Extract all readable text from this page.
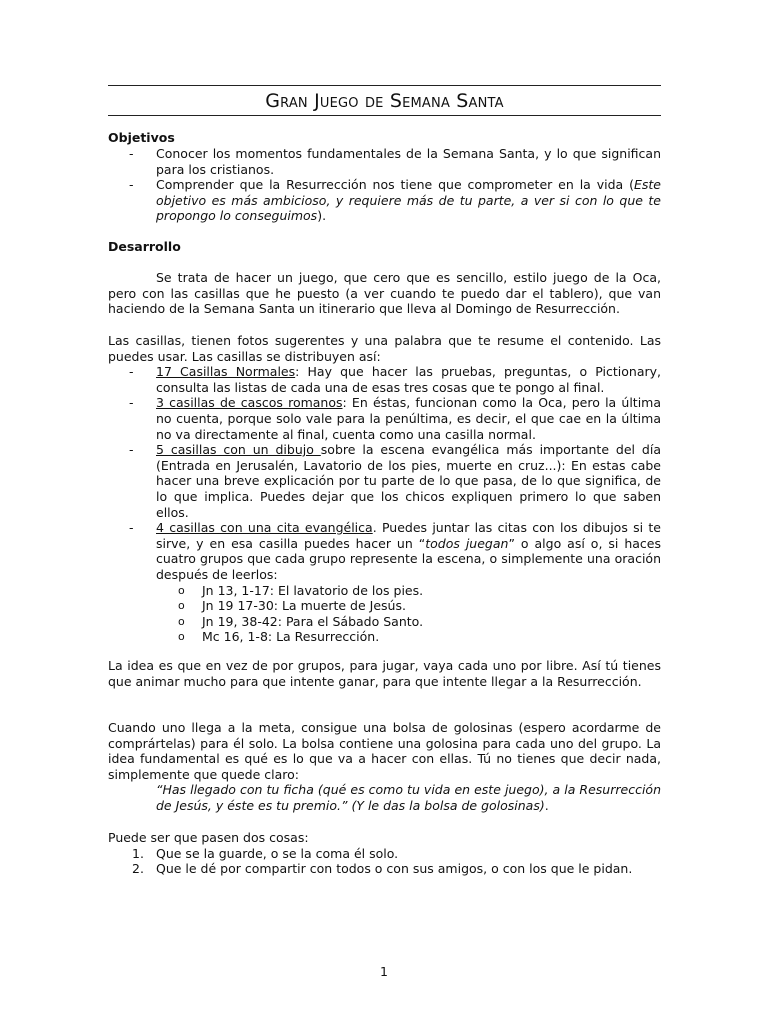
Gran Juego de Semana Santa
Objetivos
- Conocer los momentos fundamentales de la Semana Santa, y lo que significan para los cristianos.
- Comprender que la Resurrección nos tiene que comprometer en la vida (Este objetivo es más ambicioso, y requiere más de tu parte, a ver si con lo que te propongo lo conseguimos).
Desarrollo

Se trata de hacer un juego, que cero que es sencillo, estilo juego de la Oca, pero con las casillas que he puesto (a ver cuando te puedo dar el tablero), que van haciendo de la Semana Santa un itinerario que lleva al Domingo de Resurrección.

Las casillas, tienen fotos sugerentes y una palabra que te resume el contenido. Las puedes usar. Las casillas se distribuyen así:

- 17 Casillas Normales: Hay que hacer las pruebas, preguntas, o Pictionary, consulta las listas de cada una de esas tres cosas que te pongo al final.
- 3 casillas de cascos romanos: En éstas, funcionan como la Oca, pero la última no cuenta, porque solo vale para la penúltima, es decir, el que cae en la última no va directamente al final, cuenta como una casilla normal.
- 5 casillas con un dibujo sobre la escena evangélica más importante del día (Entrada en Jerusalén, Lavatorio de los pies, muerte en cruz...): En estas cabe hacer una breve explicación por tu parte de lo que pasa, de lo que significa, de lo que implica. Puedes dejar que los chicos expliquen primero lo que saben ellos.
- 4 casillas con una cita evangélica. Puedes juntar las citas con los dibujos si te sirve, y en esa casilla puedes hacer un “todos juegan” o algo así o, si haces cuatro grupos que cada grupo represente la escena, o simplemente una oración después de leerlos:
o Jn 13, 1-17: El lavatorio de los pies.
o Jn 19 17-30: La muerte de Jesús.
o Jn 19, 38-42: Para el Sábado Santo.
o Mc 16, 1-8: La Resurrección.

La idea es que en vez de por grupos, para jugar, vaya cada uno por libre. Así tú tienes que animar mucho para que intente ganar, para que intente llegar a la Resurrección.

Cuando uno llega a la meta, consigue una bolsa de golosinas (espero acordarme de comprártelas) para él solo. La bolsa contiene una golosina para cada uno del grupo. La idea fundamental es qué es lo que va a hacer con ellas. Tú no tienes que decir nada, simplemente que quede claro:

“Has llegado con tu ficha (qué es como tu vida en este juego), a la Resurrección de Jesús, y éste es tu premio.” (Y le das la bolsa de golosinas).

Puede ser que pasen dos cosas:

1. Que se la guarde, o se la coma él solo.
2. Que le dé por compartir con todos o con sus amigos, o con los que le pidan.
1
